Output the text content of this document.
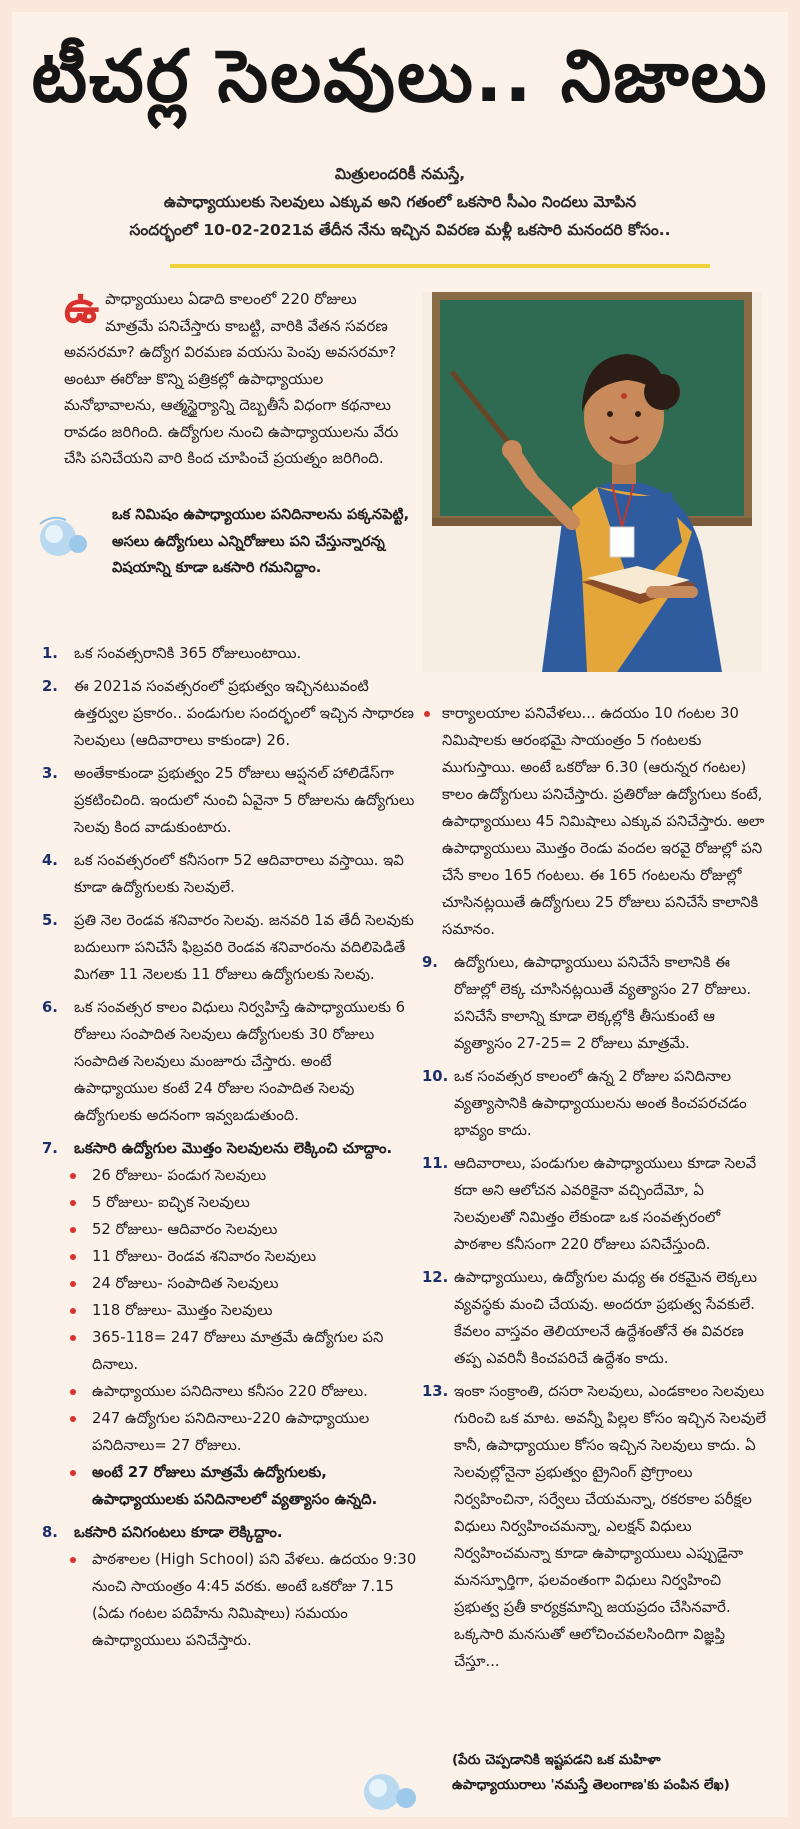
టీచర్ల సెలవులు.. నిజాలు
మిత్రులందరికీ నమస్తే,
ఉపాధ్యాయులకు సెలవులు ఎక్కువ అని గతంలో ఒకసారి సీఎం నిందలు మోపిన
సందర్భంలో 10-02-2021వ తేదీన నేను ఇచ్చిన వివరణ మళ్లీ ఒకసారి మనందరి కోసం..
ఉపాధ్యాయులు ఏడాది కాలంలో 220 రోజులు మాత్రమే పనిచేస్తారు కాబట్టి, వారికి వేతన సవరణ అవసరమా? ఉద్యోగ విరమణ వయసు పెంపు అవసరమా? అంటూ ఈరోజు కొన్ని పత్రికల్లో ఉపాధ్యాయుల మనోభావాలను, ఆత్మస్థైర్యాన్ని దెబ్బతీసే విధంగా కథనాలు రావడం జరిగింది. ఉద్యోగుల నుంచి ఉపాధ్యాయులను వేరు చేసి పనిచేయని వారి కింద చూపించే ప్రయత్నం జరిగింది.
ఒక నిమిషం ఉపాధ్యాయుల పనిదినాలను పక్కనపెట్టి, అసలు ఉద్యోగులు ఎన్నిరోజులు పని చేస్తున్నారన్న విషయాన్ని కూడా ఒకసారి గమనిద్దాం.
1. ఒక సంవత్సరానికి 365 రోజులుంటాయి.
2. ఈ 2021వ సంవత్సరంలో ప్రభుత్వం ఇచ్చినటువంటి ఉత్తర్వుల ప్రకారం.. పండుగుల సందర్భంలో ఇచ్చిన సాధారణ సెలవులు (ఆదివారాలు కాకుండా) 26.
3. అంతేకాకుండా ప్రభుత్వం 25 రోజులు ఆప్షనల్ హాలిడేస్‌గా ప్రకటించింది. ఇందులో నుంచి ఏవైనా 5 రోజులను ఉద్యోగులు సెలవు కింద వాడుకుంటారు.
4. ఒక సంవత్సరంలో కనీసంగా 52 ఆదివారాలు వస్తాయి. ఇవి కూడా ఉద్యోగులకు సెలవులే.
5. ప్రతి నెల రెండవ శనివారం సెలవు. జనవరి 1వ తేదీ సెలవుకు బదులుగా పనిచేసే ఫిబ్రవరి రెండవ శనివారంను వదిలిపెడితే మిగతా 11 నెలలకు 11 రోజులు ఉద్యోగులకు సెలవు.
6. ఒక సంవత్సర కాలం విధులు నిర్వహిస్తే ఉపాధ్యాయులకు 6 రోజులు సంపాదిత సెలవులు ఉద్యోగులకు 30 రోజులు సంపాదిత సెలవులు మంజూరు చేస్తారు. అంటే ఉపాధ్యాయుల కంటే 24 రోజుల సంపాదిత సెలవు ఉద్యోగులకు అదనంగా ఇవ్వబడుతుంది.
7. ఒకసారి ఉద్యోగుల మొత్తం సెలవులను లెక్కించి చూద్దాం.
26 రోజులు- పండుగ సెలవులు
5 రోజులు- ఐచ్ఛిక సెలవులు
52 రోజులు- ఆదివారం సెలవులు
11 రోజులు- రెండవ శనివారం సెలవులు
24 రోజులు- సంపాదిత సెలవులు
118 రోజులు- మొత్తం సెలవులు
365-118= 247 రోజులు మాత్రమే ఉద్యోగుల పని దినాలు.
ఉపాధ్యాయుల పనిదినాలు కనీసం 220 రోజులు.
247 ఉద్యోగుల పనిదినాలు-220 ఉపాధ్యాయుల పనిదినాలు= 27 రోజులు.
అంటే 27 రోజులు మాత్రమే ఉద్యోగులకు, ఉపాధ్యాయులకు పనిదినాలలో వ్యత్యాసం ఉన్నది.
8. ఒకసారి పనిగంటలు కూడా లెక్కిద్దాం.
పాఠశాలల (High School) పని వేళలు. ఉదయం 9:30 నుంచి సాయంత్రం 4:45 వరకు. అంటే ఒకరోజు 7.15 (ఏడు గంటల పదిహేను నిమిషాలు) సమయం ఉపాధ్యాయులు పనిచేస్తారు.
కార్యాలయాల పనివేళలు... ఉదయం 10 గంటల 30 నిమిషాలకు ఆరంభమై సాయంత్రం 5 గంటలకు ముగుస్తాయి. అంటే ఒకరోజు 6.30 (ఆరున్నర గంటల) కాలం ఉద్యోగులు పనిచేస్తారు. ప్రతిరోజు ఉద్యోగులు కంటే, ఉపాధ్యాయులు 45 నిమిషాలు ఎక్కువ పనిచేస్తారు. అలా ఉపాధ్యాయులు మొత్తం రెండు వందల ఇరవై రోజుల్లో పని చేసే కాలం 165 గంటలు. ఈ 165 గంటలను రోజుల్లో చూసినట్లయితే ఉద్యోగులు 25 రోజులు పనిచేసే కాలానికి సమానం.
9. ఉద్యోగులు, ఉపాధ్యాయులు పనిచేసే కాలానికి ఈ రోజుల్లో లెక్క చూసినట్లయితే వ్యత్యాసం 27 రోజులు. పనిచేసే కాలాన్ని కూడా లెక్కల్లోకి తీసుకుంటే ఆ వ్యత్యాసం 27-25= 2 రోజులు మాత్రమే.
10. ఒక సంవత్సర కాలంలో ఉన్న 2 రోజుల పనిదినాల వ్యత్యాసానికి ఉపాధ్యాయులను అంత కించపరచడం భావ్యం కాదు.
11. ఆదివారాలు, పండుగుల ఉపాధ్యాయులు కూడా సెలవే కదా అని ఆలోచన ఎవరికైనా వచ్చిందేమో, ఏ సెలవులతో నిమిత్తం లేకుండా ఒక సంవత్సరంలో పాఠశాల కనీసంగా 220 రోజులు పనిచేస్తుంది.
12. ఉపాధ్యాయులు, ఉద్యోగుల మధ్య ఈ రకమైన లెక్కలు వ్యవస్థకు మంచి చేయవు. అందరూ ప్రభుత్వ సేవకులే. కేవలం వాస్తవం తెలియాలనే ఉద్దేశంతోనే ఈ వివరణ తప్ప ఎవరినీ కించపరిచే ఉద్దేశం కాదు.
13. ఇంకా సంక్రాంతి, దసరా సెలవులు, ఎండకాలం సెలవులు గురించి ఒక మాట. అవన్నీ పిల్లల కోసం ఇచ్చిన సెలవులే కానీ, ఉపాధ్యాయుల కోసం ఇచ్చిన సెలవులు కాదు. ఏ సెలవుల్లోనైనా ప్రభుత్వం ట్రైనింగ్ ప్రోగ్రాంలు నిర్వహించినా, సర్వేలు చేయమన్నా, రకరకాల పరీక్షల విధులు నిర్వహించమన్నా, ఎలక్షన్ విధులు నిర్వహించమన్నా కూడా ఉపాధ్యాయులు ఎప్పుడైనా మనస్ఫూర్తిగా, ఫలవంతంగా విధులు నిర్వహించి ప్రభుత్వ ప్రతీ కార్యక్రమాన్ని జయప్రదం చేసినవారే. ఒక్కసారి మనసుతో ఆలోచించవలసిందిగా విజ్ఞప్తి చేస్తూ...
(పేరు చెప్పడానికి ఇష్టపడని ఒక మహిళా ఉపాధ్యాయురాలు 'నమస్తే తెలంగాణ'కు పంపిన లేఖ)
